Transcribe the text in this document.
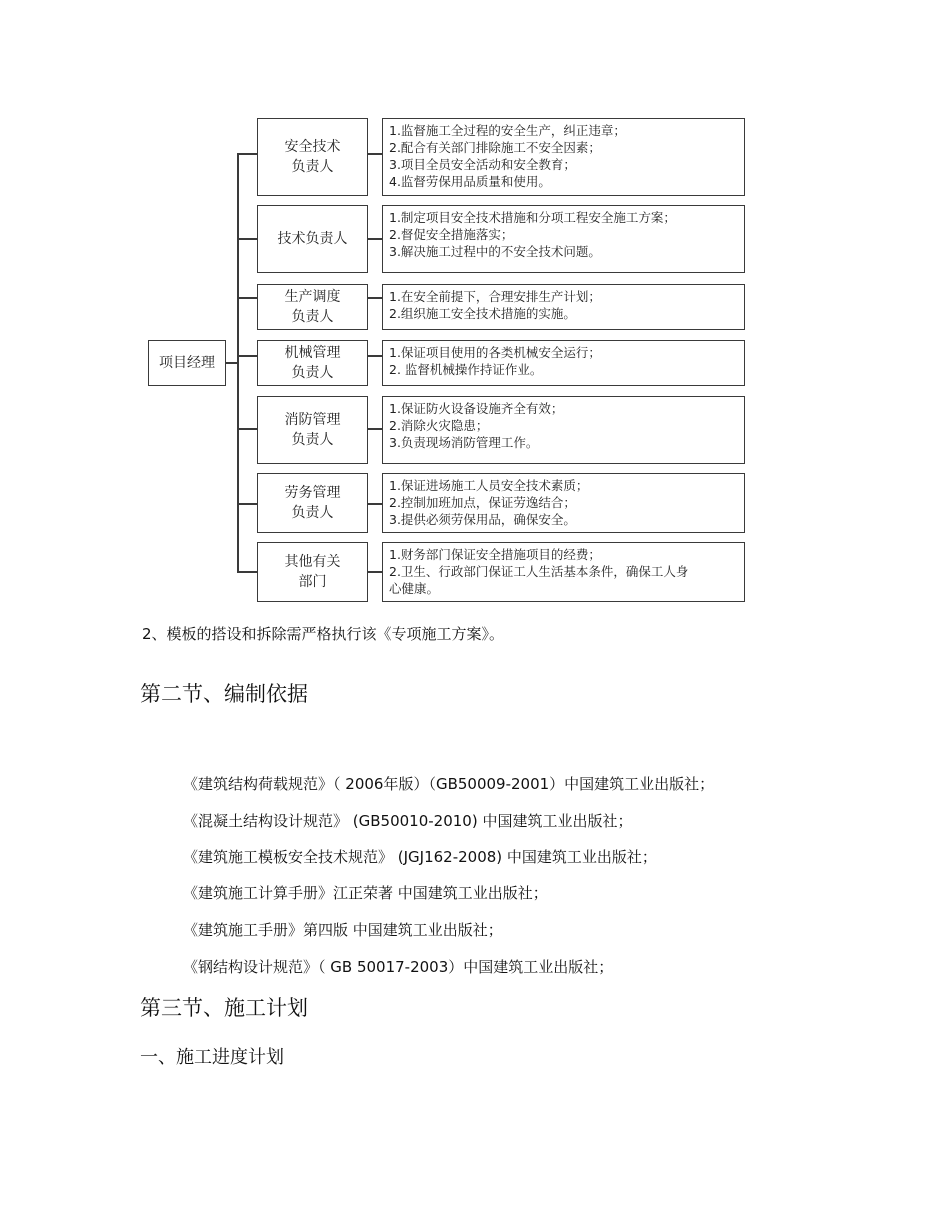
项目经理
安全技术
负责人
1.监督施工全过程的安全生产，纠正违章；
2.配合有关部门排除施工不安全因素；
3.项目全员安全活动和安全教育；
4.监督劳保用品质量和使用。
技术负责人
1.制定项目安全技术措施和分项工程安全施工方案；
2.督促安全措施落实；
3.解决施工过程中的不安全技术问题。
生产调度
负责人
1.在安全前提下，合理安排生产计划；
2.组织施工安全技术措施的实施。
机械管理
负责人
1.保证项目使用的各类机械安全运行；
2. 监督机械操作持证作业。
消防管理
负责人
1.保证防火设备设施齐全有效；
2.消除火灾隐患；
3.负责现场消防管理工作。
劳务管理
负责人
1.保证进场施工人员安全技术素质；
2.控制加班加点，保证劳逸结合；
3.提供必须劳保用品，确保安全。
其他有关
部门
1.财务部门保证安全措施项目的经费；
2.卫生、行政部门保证工人生活基本条件，确保工人身
心健康。
2、模板的搭设和拆除需严格执行该《专项施工方案》。
第二节、编制依据
《建筑结构荷载规范》（ 2006年版）（GB50009-2001）中国建筑工业出版社；
《混凝土结构设计规范》 (GB50010-2010) 中国建筑工业出版社；
《建筑施工模板安全技术规范》 (JGJ162-2008) 中国建筑工业出版社；
《建筑施工计算手册》江正荣著 中国建筑工业出版社；
《建筑施工手册》第四版 中国建筑工业出版社；
《钢结构设计规范》（ GB 50017-2003）中国建筑工业出版社；
第三节、施工计划
一、施工进度计划
